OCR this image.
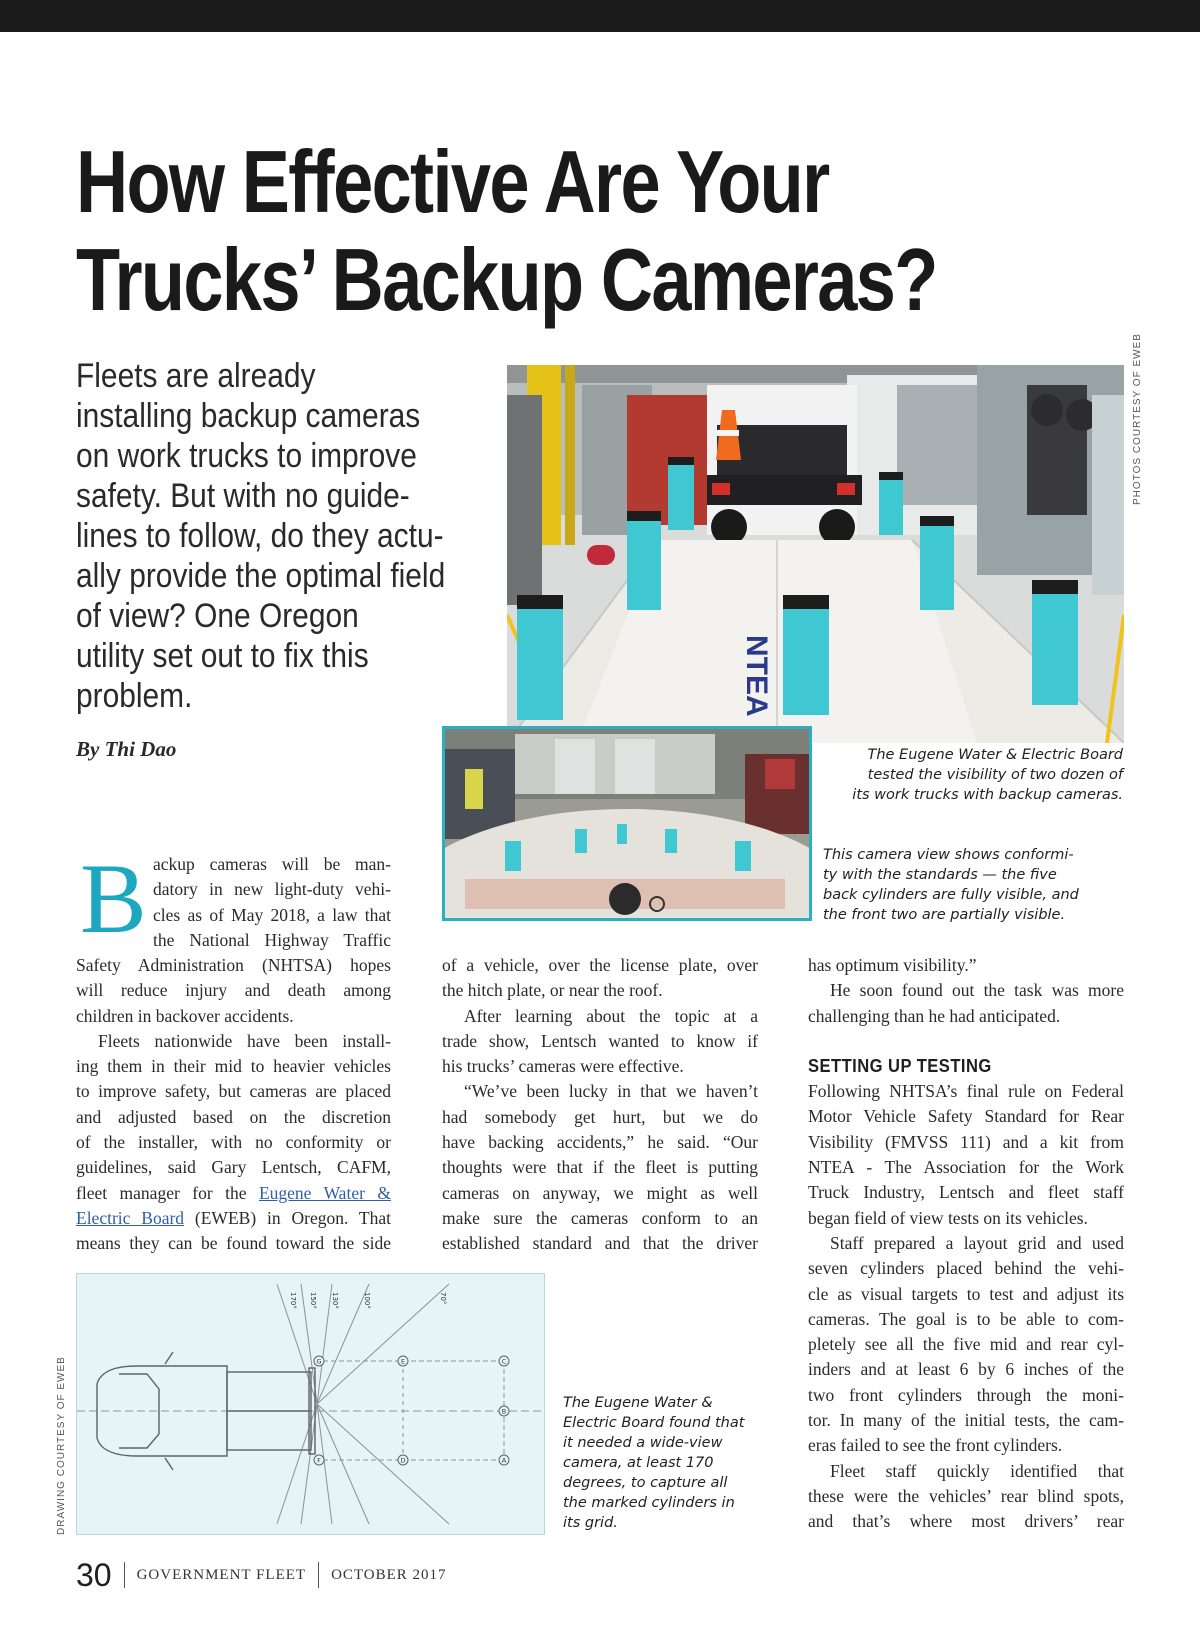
How Effective Are Your
Trucks’ Backup Cameras?
Fleets are already
installing backup cameras
on work trucks to improve
safety. But with no guide-
lines to follow, do they actu-
ally provide the optimal field
of view? One Oregon
utility set out to fix this
problem.
By Thi Dao
NTEA
PHOTOS COURTESY OF EWEB
The Eugene Water & Electric Board
tested the visibility of two dozen of
its work trucks with backup cameras.
This camera view shows conformi-
ty with the standards — the five
back cylinders are fully visible, and
the front two are partially visible.
B ackup cameras will be man-
datory in new light-duty vehi-
cles as of May 2018, a law that
the National Highway Traffic
Safety Administration (NHTSA) hopes
will reduce injury and death among
children in backover accidents.
Fleets nationwide have been install-
ing them in their mid to heavier vehicles
to improve safety, but cameras are placed
and adjusted based on the discretion
of the installer, with no conformity or
guidelines, said Gary Lentsch, CAFM,
fleet manager for the Eugene Water &
Electric Board (EWEB) in Oregon. That
means they can be found toward the side
of a vehicle, over the license plate, over
the hitch plate, or near the roof.
After learning about the topic at a
trade show, Lentsch wanted to know if
his trucks’ cameras were effective.
“We’ve been lucky in that we haven’t
had somebody get hurt, but we do
have backing accidents,” he said. “Our
thoughts were that if the fleet is putting
cameras on anyway, we might as well
make sure the cameras conform to an
established standard and that the driver
has optimum visibility.”
He soon found out the task was more
challenging than he had anticipated.
SETTING UP TESTING
Following NHTSA’s final rule on Federal
Motor Vehicle Safety Standard for Rear
Visibility (FMVSS 111) and a kit from
NTEA - The Association for the Work
Truck Industry, Lentsch and fleet staff
began field of view tests on its vehicles.
Staff prepared a layout grid and used
seven cylinders placed behind the vehi-
cle as visual targets to test and adjust its
cameras. The goal is to be able to com-
pletely see all the five mid and rear cyl-
inders and at least 6 by 6 inches of the
two front cylinders through the moni-
tor. In many of the initial tests, the cam-
eras failed to see the front cylinders.
Fleet staff quickly identified that
these were the vehicles’ rear blind spots,
and that’s where most drivers’ rear
G	E	C
B
F	D	A
170° 150° 130°	100°	70°
DRAWING COURTESY OF EWEB	The Eugene Water &
Electric Board found that
it needed a wide-view
camera, at least 170
degrees, to capture all
the marked cylinders in
its grid.
30 GOVERNMENT FLEET OCTOBER 2017
